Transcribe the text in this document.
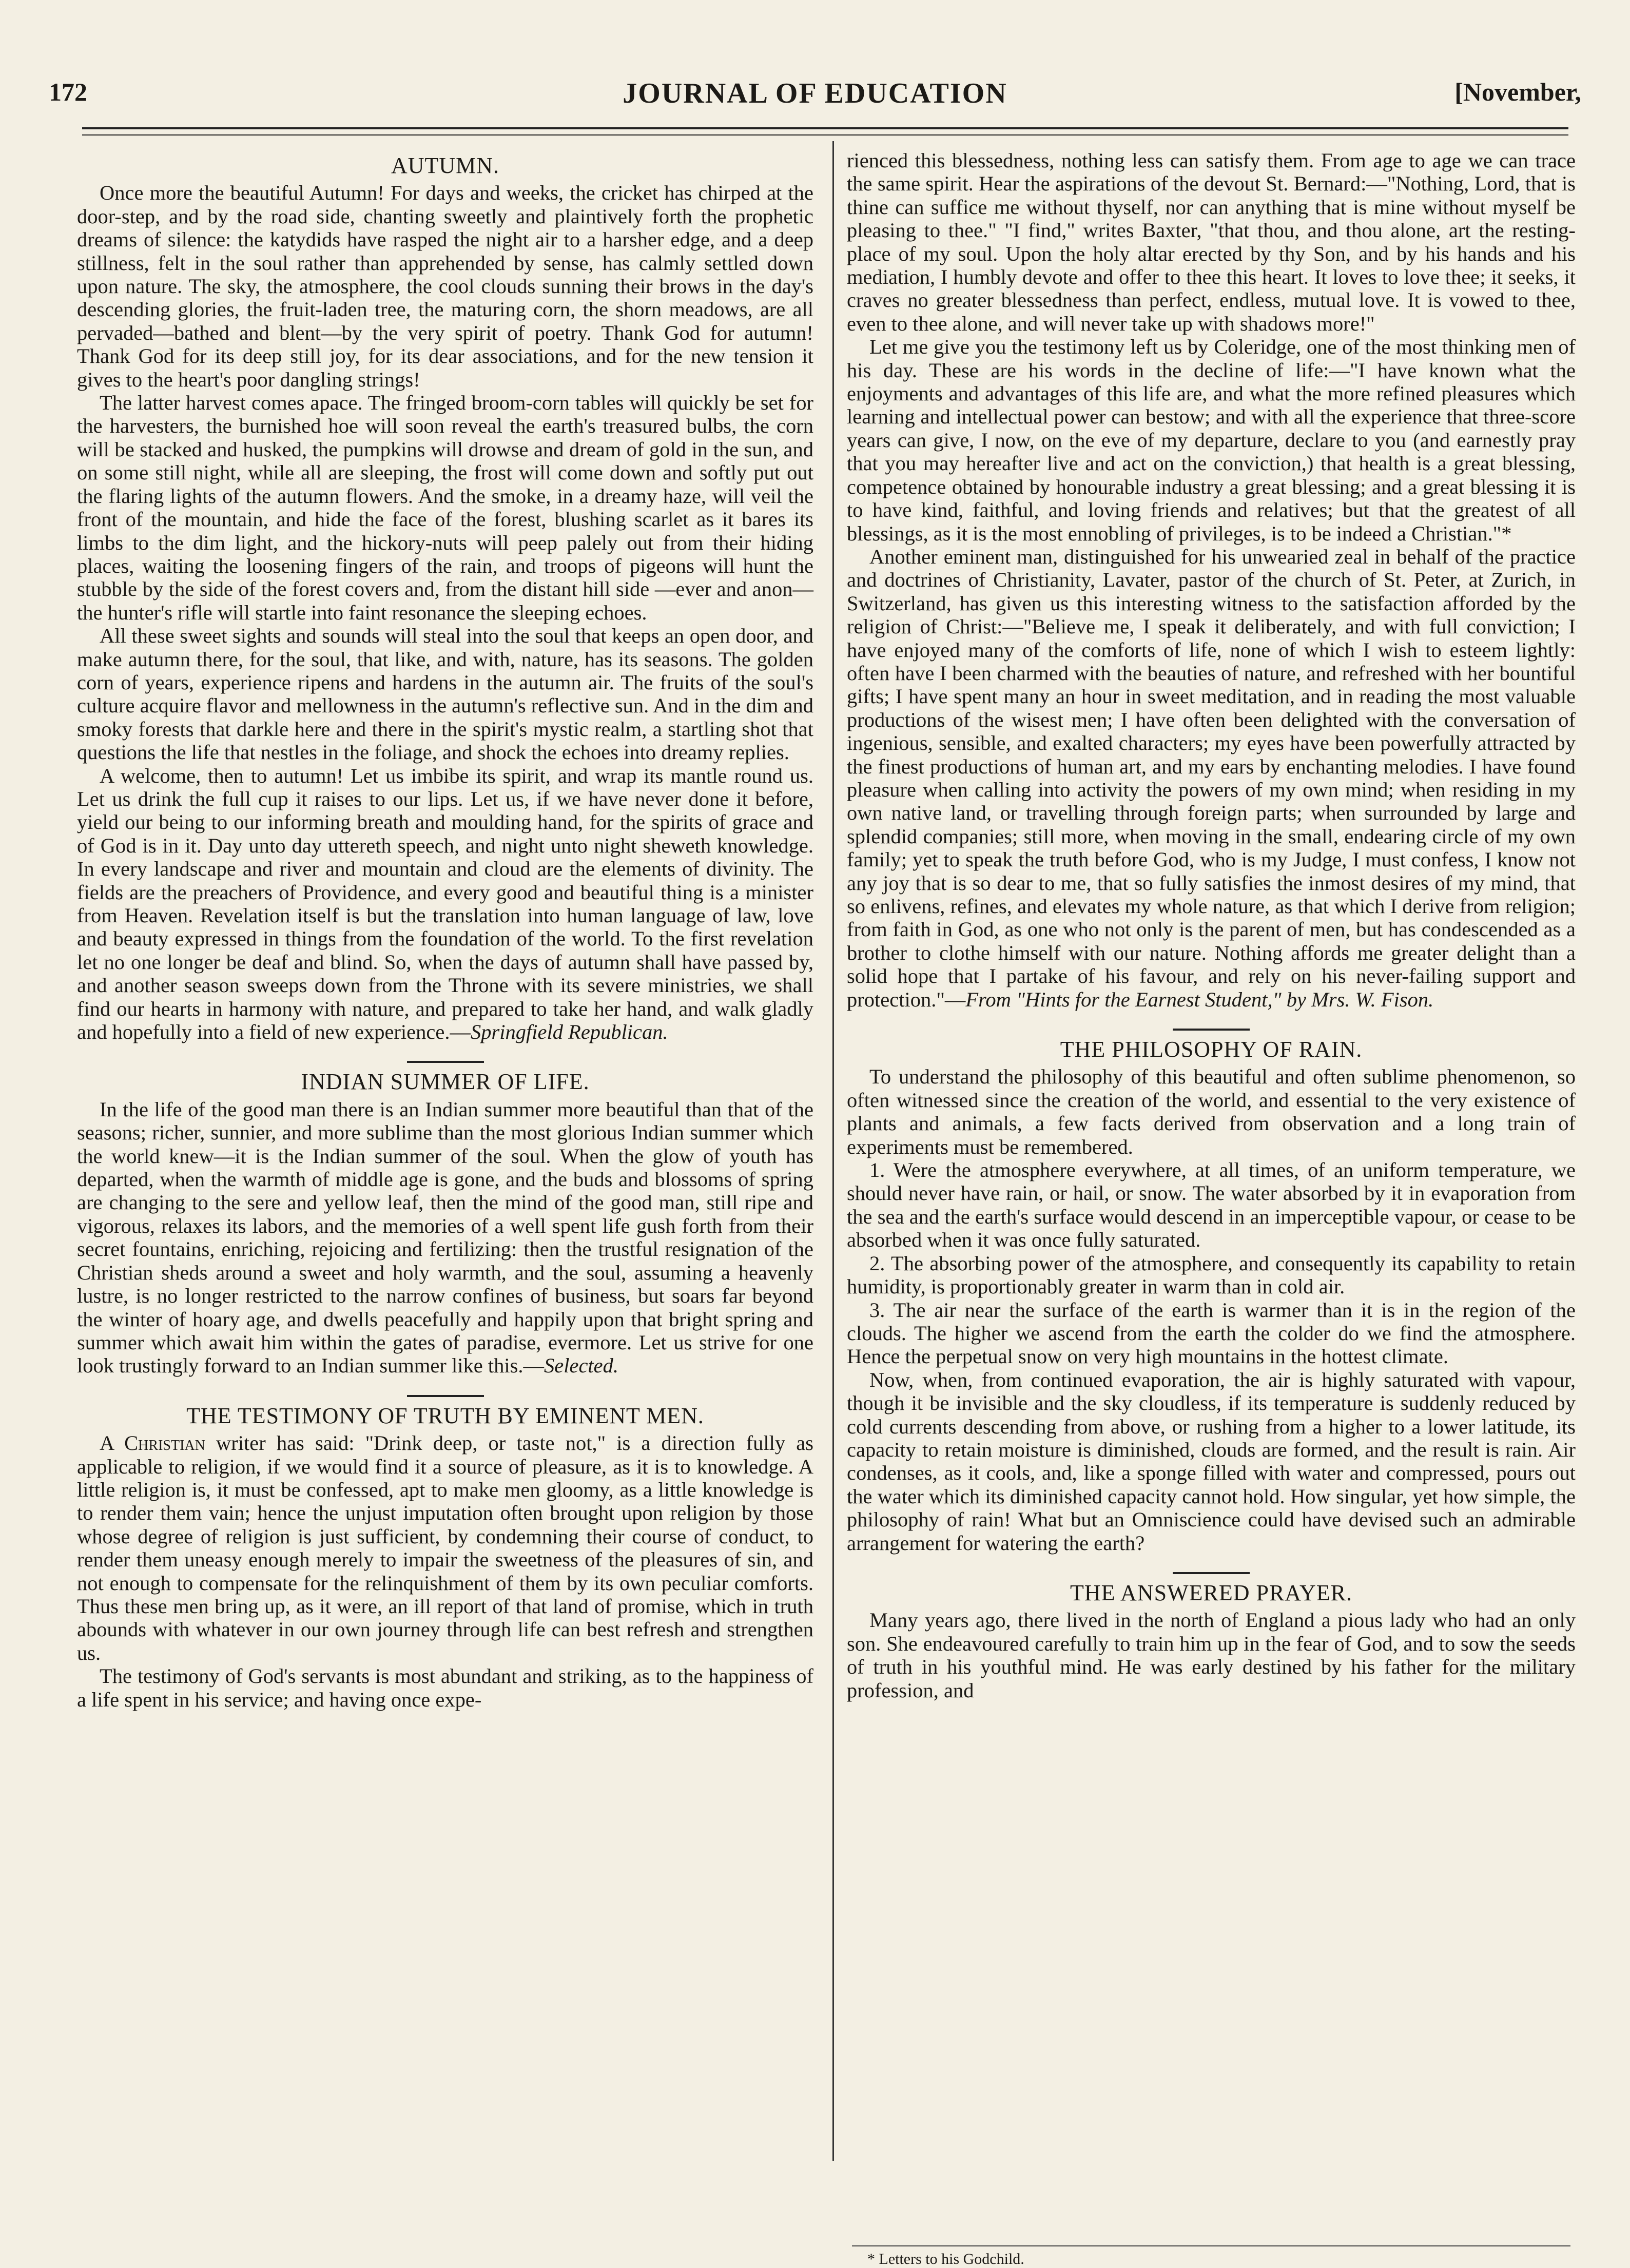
172	JOURNAL OF EDUCATION	[November,
AUTUMN.

Once more the beautiful Autumn! For days and weeks, the cricket has chirped at the door-step, and by the road side, chanting sweetly and plaintively forth the prophetic dreams of silence: the katydids have rasped the night air to a harsher edge, and a deep stillness, felt in the soul rather than apprehended by sense, has calmly settled down upon nature. The sky, the atmosphere, the cool clouds sunning their brows in the day's descending glories, the fruit-laden tree, the maturing corn, the shorn meadows, are all pervaded—bathed and blent—by the very spirit of poetry. Thank God for autumn! Thank God for its deep still joy, for its dear associations, and for the new tension it gives to the heart's poor dangling strings!

The latter harvest comes apace. The fringed broom-corn tables will quickly be set for the harvesters, the burnished hoe will soon reveal the earth's treasured bulbs, the corn will be stacked and husked, the pumpkins will drowse and dream of gold in the sun, and on some still night, while all are sleeping, the frost will come down and softly put out the flaring lights of the autumn flowers. And the smoke, in a dreamy haze, will veil the front of the mountain, and hide the face of the forest, blushing scarlet as it bares its limbs to the dim light, and the hickory-nuts will peep palely out from their hiding places, waiting the loosening fingers of the rain, and troops of pigeons will hunt the stubble by the side of the forest covers and, from the distant hill side —ever and anon—the hunter's rifle will startle into faint resonance the sleeping echoes.

All these sweet sights and sounds will steal into the soul that keeps an open door, and make autumn there, for the soul, that like, and with, nature, has its seasons. The golden corn of years, experience ripens and hardens in the autumn air. The fruits of the soul's culture acquire flavor and mellowness in the autumn's reflective sun. And in the dim and smoky forests that darkle here and there in the spirit's mystic realm, a startling shot that questions the life that nestles in the foliage, and shock the echoes into dreamy replies.

A welcome, then to autumn! Let us imbibe its spirit, and wrap its mantle round us. Let us drink the full cup it raises to our lips. Let us, if we have never done it before, yield our being to our informing breath and moulding hand, for the spirits of grace and of God is in it. Day unto day uttereth speech, and night unto night sheweth knowledge. In every landscape and river and mountain and cloud are the elements of divinity. The fields are the preachers of Providence, and every good and beautiful thing is a minister from Heaven. Revelation itself is but the translation into human language of law, love and beauty expressed in things from the foundation of the world. To the first revelation let no one longer be deaf and blind. So, when the days of autumn shall have passed by, and another season sweeps down from the Throne with its severe ministries, we shall find our hearts in harmony with nature, and prepared to take her hand, and walk gladly and hopefully into a field of new experience.—Springfield Republican.

INDIAN SUMMER OF LIFE.

In the life of the good man there is an Indian summer more beautiful than that of the seasons; richer, sunnier, and more sublime than the most glorious Indian summer which the world knew—it is the Indian summer of the soul. When the glow of youth has departed, when the warmth of middle age is gone, and the buds and blossoms of spring are changing to the sere and yellow leaf, then the mind of the good man, still ripe and vigorous, relaxes its labors, and the memories of a well spent life gush forth from their secret fountains, enriching, rejoicing and fertilizing: then the trustful resignation of the Christian sheds around a sweet and holy warmth, and the soul, assuming a heavenly lustre, is no longer restricted to the narrow confines of business, but soars far beyond the winter of hoary age, and dwells peacefully and happily upon that bright spring and summer which await him within the gates of paradise, evermore. Let us strive for one look trustingly forward to an Indian summer like this.—Selected.

THE TESTIMONY OF TRUTH BY EMINENT MEN.

A Christian writer has said: "Drink deep, or taste not," is a direction fully as applicable to religion, if we would find it a source of pleasure, as it is to knowledge. A little religion is, it must be confessed, apt to make men gloomy, as a little knowledge is to render them vain; hence the unjust imputation often brought upon religion by those whose degree of religion is just sufficient, by condemning their course of conduct, to render them uneasy enough merely to impair the sweetness of the pleasures of sin, and not enough to compensate for the relinquishment of them by its own peculiar comforts. Thus these men bring up, as it were, an ill report of that land of promise, which in truth abounds with whatever in our own journey through life can best refresh and strengthen us.

The testimony of God's servants is most abundant and striking, as to the happiness of a life spent in his service; and having once expe-

rienced this blessedness, nothing less can satisfy them. From age to age we can trace the same spirit. Hear the aspirations of the devout St. Bernard:—"Nothing, Lord, that is thine can suffice me without thyself, nor can anything that is mine without myself be pleasing to thee." "I find," writes Baxter, "that thou, and thou alone, art the resting-place of my soul. Upon the holy altar erected by thy Son, and by his hands and his mediation, I humbly devote and offer to thee this heart. It loves to love thee; it seeks, it craves no greater blessedness than perfect, endless, mutual love. It is vowed to thee, even to thee alone, and will never take up with shadows more!"

Let me give you the testimony left us by Coleridge, one of the most thinking men of his day. These are his words in the decline of life:—"I have known what the enjoyments and advantages of this life are, and what the more refined pleasures which learning and intellectual power can bestow; and with all the experience that three-score years can give, I now, on the eve of my departure, declare to you (and earnestly pray that you may hereafter live and act on the conviction,) that health is a great blessing, competence obtained by honourable industry a great blessing; and a great blessing it is to have kind, faithful, and loving friends and relatives; but that the greatest of all blessings, as it is the most ennobling of privileges, is to be indeed a Christian."*

Another eminent man, distinguished for his unwearied zeal in behalf of the practice and doctrines of Christianity, Lavater, pastor of the church of St. Peter, at Zurich, in Switzerland, has given us this interesting witness to the satisfaction afforded by the religion of Christ:—"Believe me, I speak it deliberately, and with full conviction; I have enjoyed many of the comforts of life, none of which I wish to esteem lightly: often have I been charmed with the beauties of nature, and refreshed with her bountiful gifts; I have spent many an hour in sweet meditation, and in reading the most valuable productions of the wisest men; I have often been delighted with the conversation of ingenious, sensible, and exalted characters; my eyes have been powerfully attracted by the finest productions of human art, and my ears by enchanting melodies. I have found pleasure when calling into activity the powers of my own mind; when residing in my own native land, or travelling through foreign parts; when surrounded by large and splendid companies; still more, when moving in the small, endearing circle of my own family; yet to speak the truth before God, who is my Judge, I must confess, I know not any joy that is so dear to me, that so fully satisfies the inmost desires of my mind, that so enlivens, refines, and elevates my whole nature, as that which I derive from religion; from faith in God, as one who not only is the parent of men, but has condescended as a brother to clothe himself with our nature. Nothing affords me greater delight than a solid hope that I partake of his favour, and rely on his never-failing support and protection."—From "Hints for the Earnest Student," by Mrs. W. Fison.

THE PHILOSOPHY OF RAIN.

To understand the philosophy of this beautiful and often sublime phenomenon, so often witnessed since the creation of the world, and essential to the very existence of plants and animals, a few facts derived from observation and a long train of experiments must be remembered.

1. Were the atmosphere everywhere, at all times, of an uniform temperature, we should never have rain, or hail, or snow. The water absorbed by it in evaporation from the sea and the earth's surface would descend in an imperceptible vapour, or cease to be absorbed when it was once fully saturated.

2. The absorbing power of the atmosphere, and consequently its capability to retain humidity, is proportionably greater in warm than in cold air.

3. The air near the surface of the earth is warmer than it is in the region of the clouds. The higher we ascend from the earth the colder do we find the atmosphere. Hence the perpetual snow on very high mountains in the hottest climate.

Now, when, from continued evaporation, the air is highly saturated with vapour, though it be invisible and the sky cloudless, if its temperature is suddenly reduced by cold currents descending from above, or rushing from a higher to a lower latitude, its capacity to retain moisture is diminished, clouds are formed, and the result is rain. Air condenses, as it cools, and, like a sponge filled with water and compressed, pours out the water which its diminished capacity cannot hold. How singular, yet how simple, the philosophy of rain! What but an Omniscience could have devised such an admirable arrangement for watering the earth?

THE ANSWERED PRAYER.

Many years ago, there lived in the north of England a pious lady who had an only son. She endeavoured carefully to train him up in the fear of God, and to sow the seeds of truth in his youthful mind. He was early destined by his father for the military profession, and

* Letters to his Godchild.
